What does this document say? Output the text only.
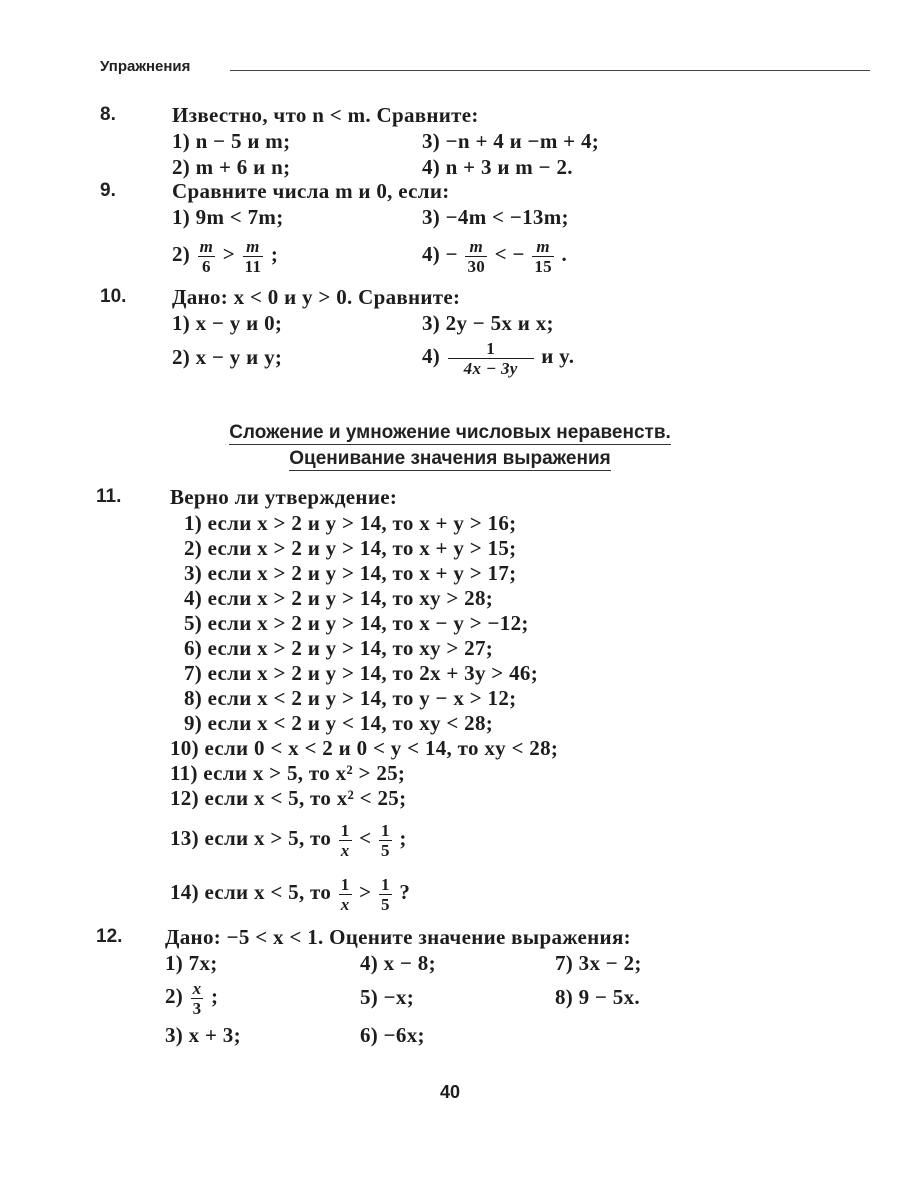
Упражнения
8.	Известно, что n < m. Сравните:
1) n − 5 и m;	3) −n + 4 и −m + 4;
2) m + 6 и n;	4) n + 3 и m − 2.
9.	Сравните числа m и 0, если:
1) 9m < 7m;	3) −4m < −13m;
$2) \frac{m}{6} > \frac{m}{11}$ ;	$4) - \frac{m}{30}$ < − $\frac{m}{15}$ .
10. Дано: x < 0 и y > 0. Сравните:
1) x − y и 0;	3) 2y − 5x и x;
2) x − y и y;	$4) \frac{1}{4x - 3y}$ и y.
Сложение и умножение числовых неравенств.
Оценивание значения выражения
11. Верно ли утверждение:
1) если x > 2 и y > 14, то x + y > 16;
2) если x > 2 и y > 14, то x + y > 15;
3) если x > 2 и y > 14, то x + y > 17;
4) если x > 2 и y > 14, то xy > 28;
5) если x > 2 и y > 14, то x − y > −12;
6) если x > 2 и y > 14, то xy > 27;
7) если x > 2 и y > 14, то 2x + 3y > 46;
8) если x < 2 и y > 14, то y − x > 12;
9) если x < 2 и y < 14, то xy < 28;
10) если 0 < x < 2 и 0 < y < 14, то xy < 28;
11) если x > 5, то x² > 25;
12) если x < 5, то x² < 25;
13) если x > 5, то $\frac{1}{x} < \frac{1}{5}$ ;
14) если x < 5, то $\frac{1}{x} > \frac{1}{5}$ ?
12. Дано: −5 < x < 1. Оцените значение выражения:
1) 7x;	4) x − 8;	7) 3x − 2;
$2) \frac{x}{3}$ ;	5) −x;	8) 9 − 5x.
3) x + 3;	6) −6x;
40
